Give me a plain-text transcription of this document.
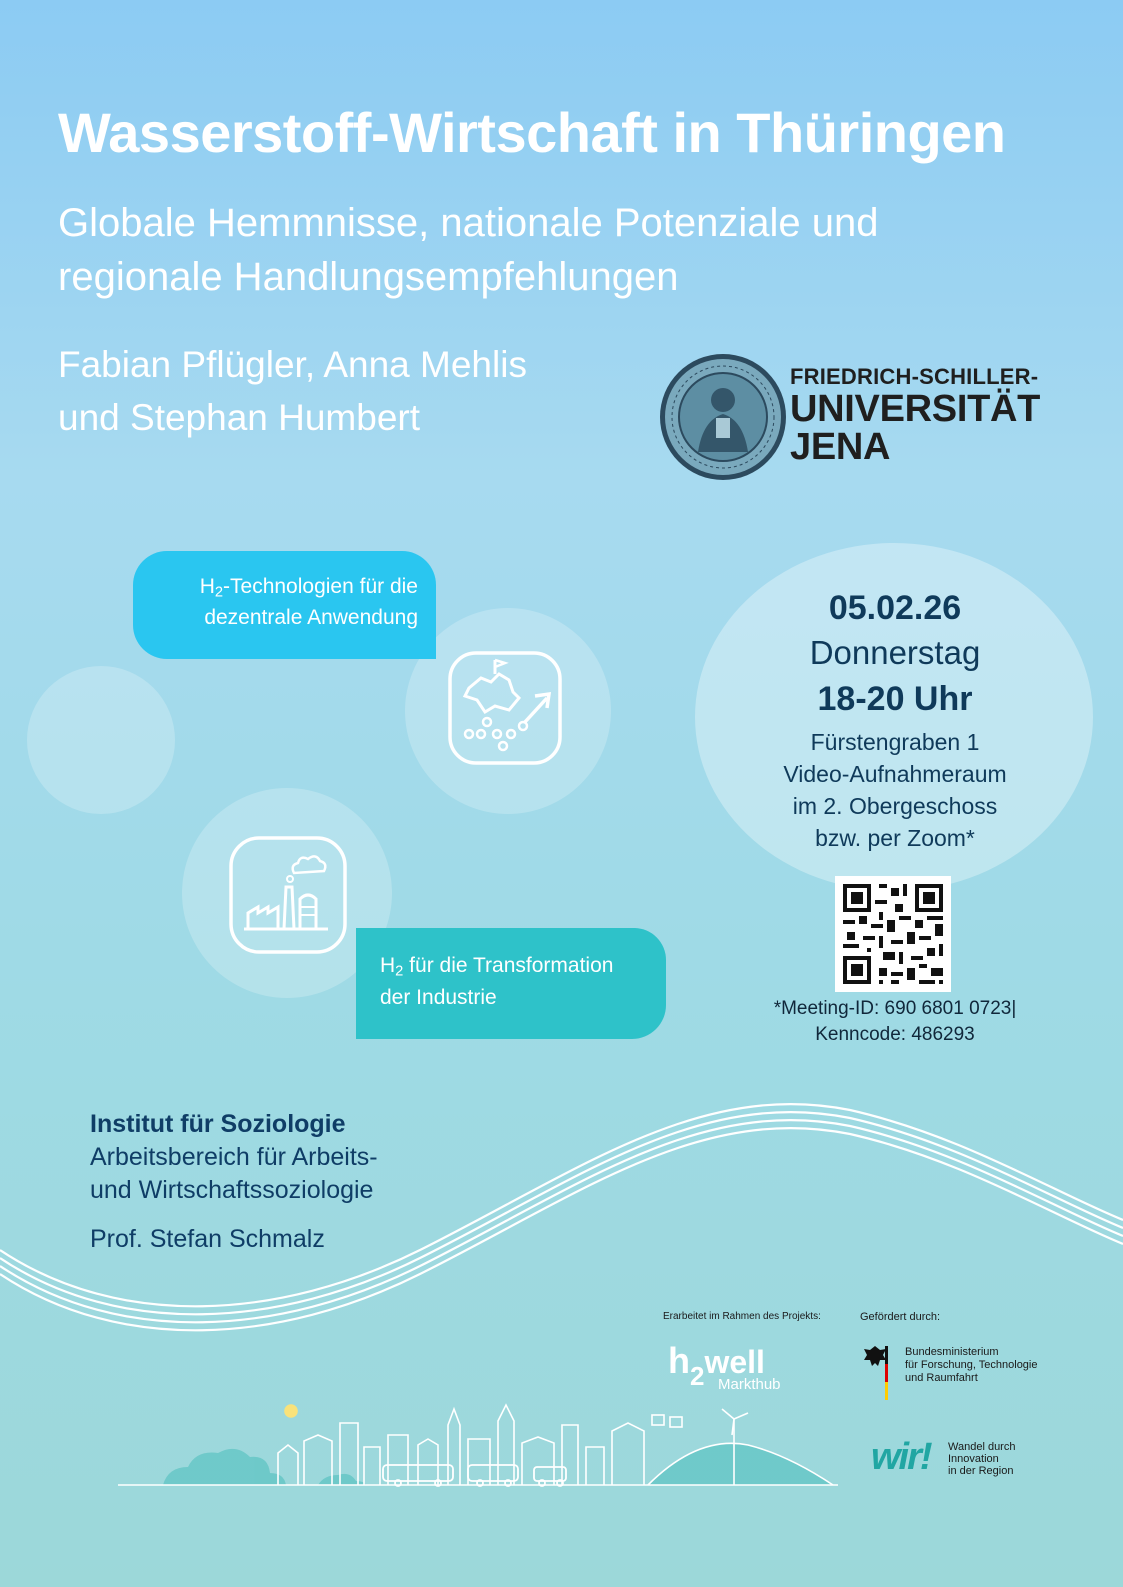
Wasserstoff-Wirtschaft in Thüringen
Globale Hemmnisse, nationale Potenziale und
regionale Handlungsempfehlungen
Fabian Pflügler, Anna Mehlis
und Stephan Humbert
FRIEDRICH-SCHILLER-
UNIVERSITÄT
JENA
$H_2$-Technologien für die
dezentrale Anwendung
$H_2$ für die Transformation
der Industrie
05.02.26
Donnerstag
18-20 Uhr
Fürstengraben 1
Video-Aufnahmeraum
im 2. Obergeschoss
bzw. per Zoom*
*Meeting-ID: 690 6801 0723|
Kenncode: 486293
Institut für Soziologie
Arbeitsbereich für Arbeits-
und Wirtschaftssoziologie
Prof. Stefan Schmalz
Erarbeitet im Rahmen des Projekts:	Gefördert durch:
h2well
Markthub
Bundesministerium
für Forschung, Technologie
und Raumfahrt
wir! Wandel durch
Innovation
in der Region
